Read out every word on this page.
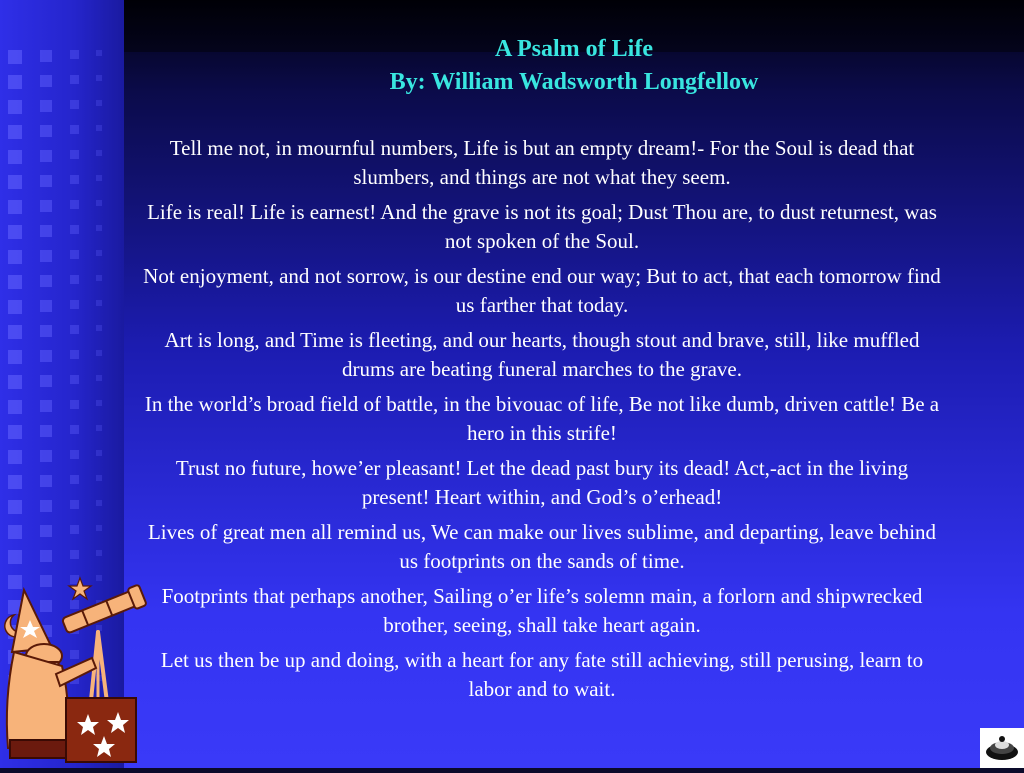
A Psalm of Life
By: William Wadsworth Longfellow

Tell me not, in mournful numbers, Life is but an empty dream!- For the Soul is dead that slumbers, and things are not what they seem.

Life is real! Life is earnest! And the grave is not its goal; Dust Thou are, to dust returnest, was not spoken of the Soul.

Not enjoyment, and not sorrow, is our destine end our way; But to act, that each tomorrow find us farther that today.

Art is long, and Time is fleeting, and our hearts, though stout and brave, still, like muffled drums are beating funeral marches to the grave.

In the world’s broad field of battle, in the bivouac of life, Be not like dumb, driven cattle! Be a hero in this strife!

Trust no future, howe’er pleasant! Let the dead past bury its dead! Act,-act in the living present! Heart within, and God’s o’erhead!

Lives of great men all remind us, We can make our lives sublime, and departing, leave behind us footprints on the sands of time.

Footprints that perhaps another, Sailing o’er life’s solemn main, a forlorn and shipwrecked brother, seeing, shall take heart again.

Let us then be up and doing, with a heart for any fate still achieving, still perusing, learn to labor and to wait.
